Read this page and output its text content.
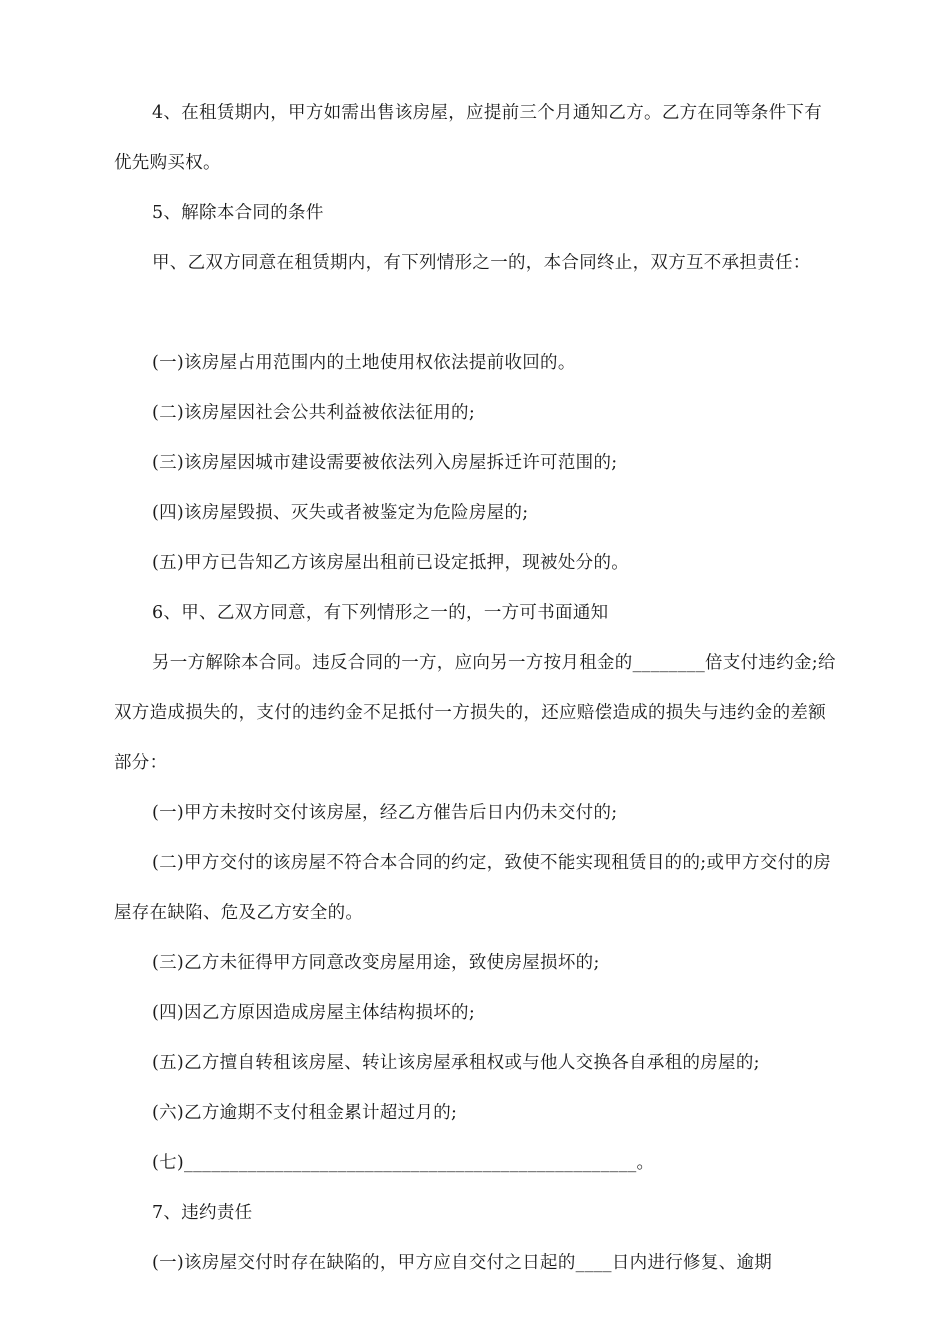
4、在租赁期内，甲方如需出售该房屋，应提前三个月通知乙方。乙方在同等条件下有优先购买权。
5、解除本合同的条件
甲、乙双方同意在租赁期内，有下列情形之一的，本合同终止，双方互不承担责任：
(一)该房屋占用范围内的土地使用权依法提前收回的。
(二)该房屋因社会公共利益被依法征用的;
(三)该房屋因城市建设需要被依法列入房屋拆迁许可范围的;
(四)该房屋毁损、灭失或者被鉴定为危险房屋的;
(五)甲方已告知乙方该房屋出租前已设定抵押，现被处分的。
6、甲、乙双方同意，有下列情形之一的，一方可书面通知
另一方解除本合同。违反合同的一方，应向另一方按月租金的________倍支付违约金;给双方造成损失的，支付的违约金不足抵付一方损失的，还应赔偿造成的损失与违约金的差额部分：
(一)甲方未按时交付该房屋，经乙方催告后日内仍未交付的;
(二)甲方交付的该房屋不符合本合同的约定，致使不能实现租赁目的的;或甲方交付的房屋存在缺陷、危及乙方安全的。
(三)乙方未征得甲方同意改变房屋用途，致使房屋损坏的;
(四)因乙方原因造成房屋主体结构损坏的;
(五)乙方擅自转租该房屋、转让该房屋承租权或与他人交换各自承租的房屋的;
(六)乙方逾期不支付租金累计超过月的;
(七)__________________________________________________。
7、违约责任
(一)该房屋交付时存在缺陷的，甲方应自交付之日起的____日内进行修复、逾期
